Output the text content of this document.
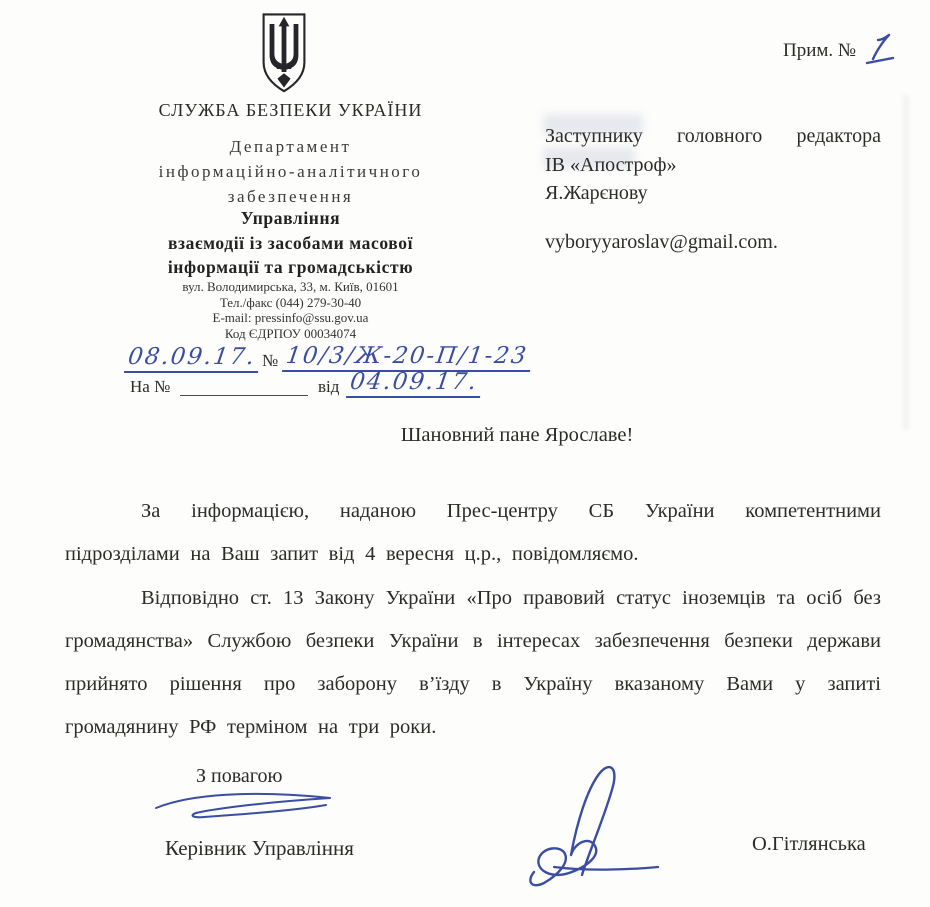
Прим. №
СЛУЖБА БЕЗПЕКИ УКРАЇНИ
Департамент
інформаційно-аналітичного
забезпечення
Управління
взаємодії із засобами масової
інформації та громадськістю
вул. Володимирська, 33, м. Київ, 01601
Тел./факс (044) 279-30-40
E-mail: pressinfo@ssu.gov.ua
Код ЄДРПОУ 00034074
08.09.17. № 10/3/Ж-20-П/1-23
На №	від 04.09.17.
Заступнику головного редактора
ІВ «Апостроф»
Я.Жарєнову
vyboryyaroslav@gmail.com.
Шановний пане Ярославе!

За інформацією, наданою Прес-центру СБ України компетентними підрозділами на Ваш запит від 4 вересня ц.р., повідомляємо.

Відповідно ст. 13 Закону України «Про правовий статус іноземців та осіб без громадянства» Службою безпеки України в інтересах забезпечення безпеки держави прийнято рішення про заборону в’їзду в Україну вказаному Вами у запиті громадянину РФ терміном на три роки.

З повагою
Керівник Управління	О.Гітлянська
